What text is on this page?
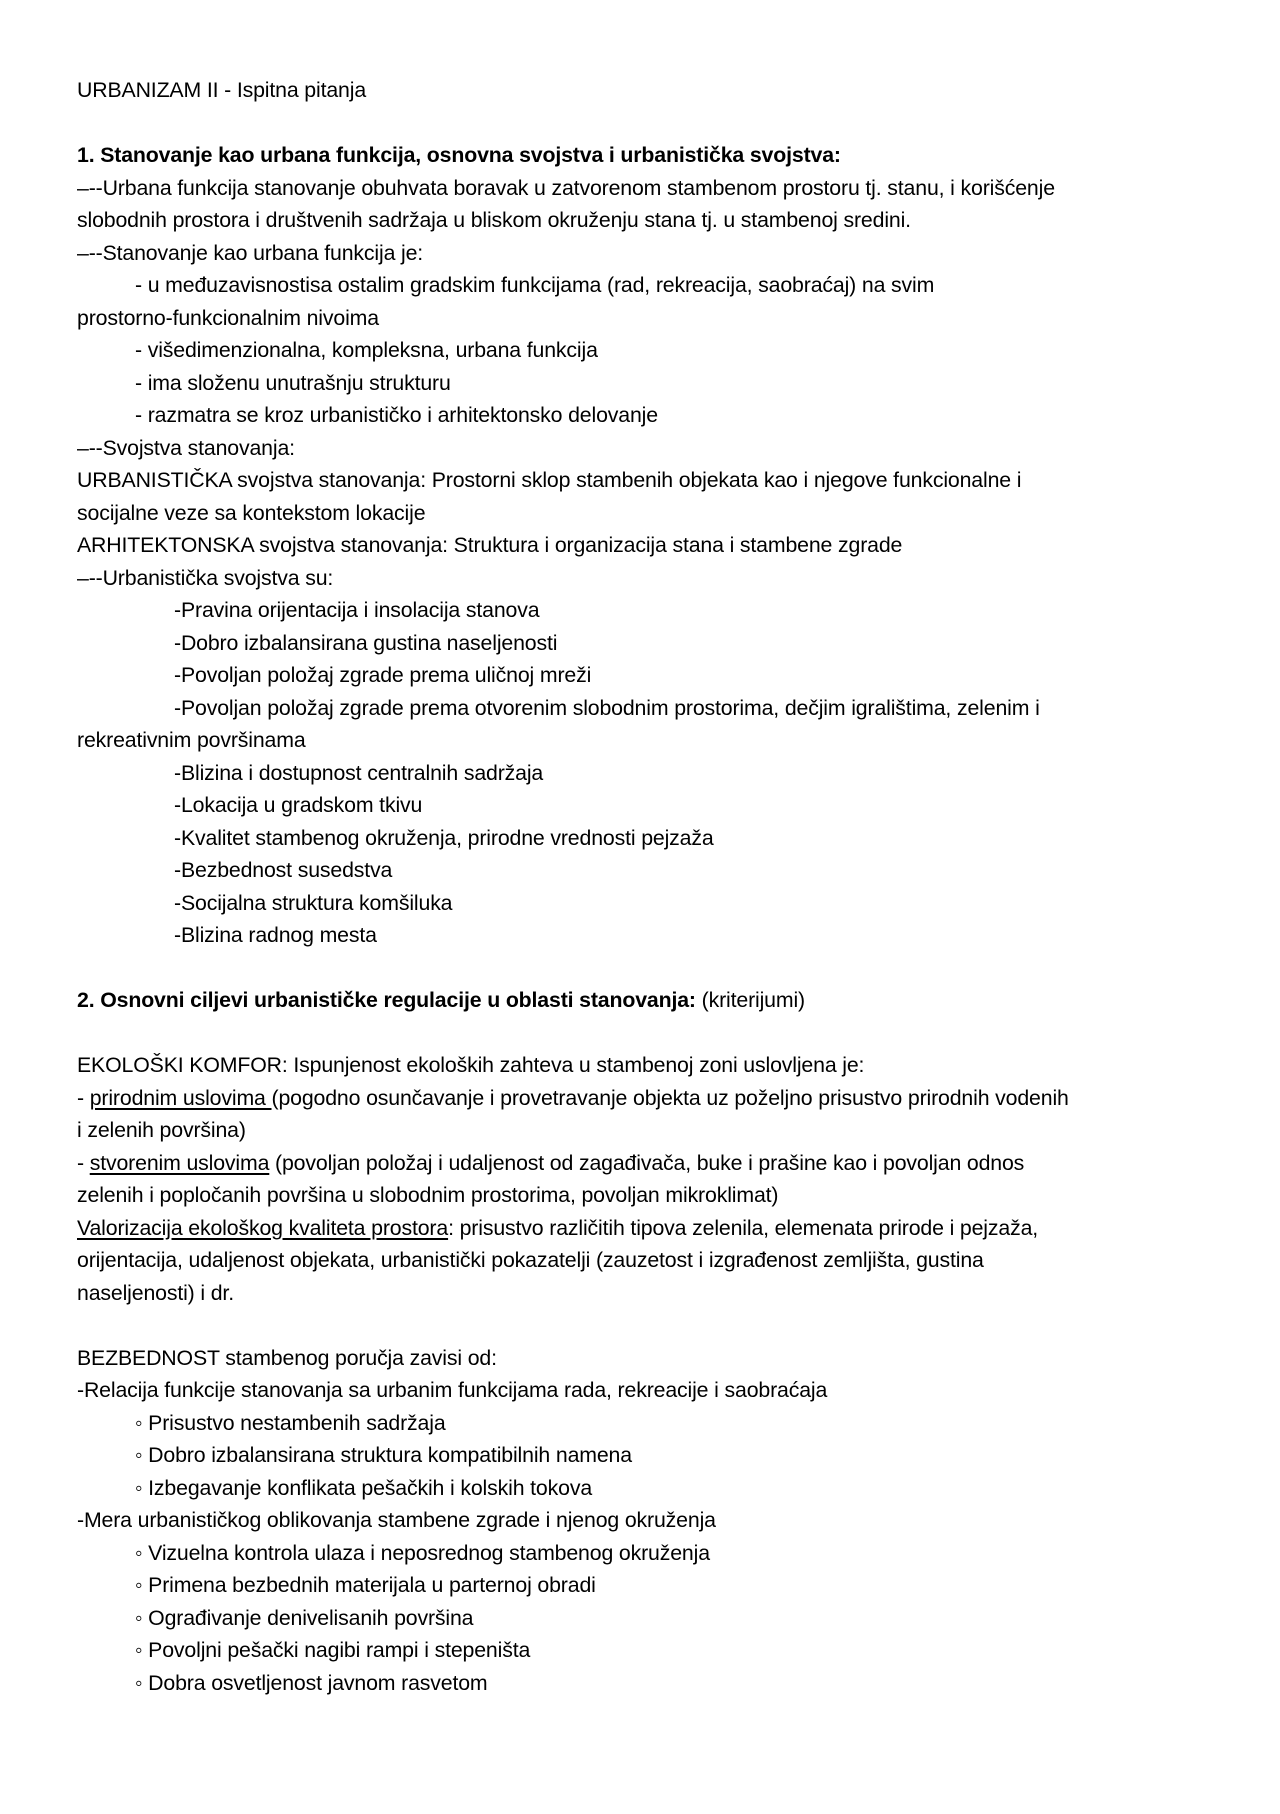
URBANIZAM II - Ispitna pitanja

1. Stanovanje kao urbana funkcija, osnovna svojstva i urbanistička svojstva:

–--Urbana funkcija stanovanje obuhvata boravak u zatvorenom stambenom prostoru tj. stanu, i korišćenje

slobodnih prostora i društvenih sadržaja u bliskom okruženju stana tj. u stambenoj sredini.

–--Stanovanje kao urbana funkcija je:

- u međuzavisnostisa ostalim gradskim funkcijama (rad, rekreacija, saobraćaj) na svim

prostorno-funkcionalnim nivoima

- višedimenzionalna, kompleksna, urbana funkcija

- ima složenu unutrašnju strukturu

- razmatra se kroz urbanističko i arhitektonsko delovanje

–--Svojstva stanovanja:

URBANISTIČKA svojstva stanovanja: Prostorni sklop stambenih objekata kao i njegove funkcionalne i

socijalne veze sa kontekstom lokacije

ARHITEKTONSKA svojstva stanovanja: Struktura i organizacija stana i stambene zgrade

–--Urbanistička svojstva su:

-Pravina orijentacija i insolacija stanova

-Dobro izbalansirana gustina naseljenosti

-Povoljan položaj zgrade prema uličnoj mreži

-Povoljan položaj zgrade prema otvorenim slobodnim prostorima, dečjim igralištima, zelenim i

rekreativnim površinama

-Blizina i dostupnost centralnih sadržaja

-Lokacija u gradskom tkivu

-Kvalitet stambenog okruženja, prirodne vrednosti pejzaža

-Bezbednost susedstva

-Socijalna struktura komšiluka

-Blizina radnog mesta

2. Osnovni ciljevi urbanističke regulacije u oblasti stanovanja: (kriterijumi)

EKOLOŠKI KOMFOR: Ispunjenost ekoloških zahteva u stambenoj zoni uslovljena je:

- prirodnim uslovima (pogodno osunčavanje i provetravanje objekta uz poželjno prisustvo prirodnih vodenih

i zelenih površina)

- stvorenim uslovima (povoljan položaj i udaljenost od zagađivača, buke i prašine kao i povoljan odnos

zelenih i popločanih površina u slobodnim prostorima, povoljan mikroklimat)

Valorizacija ekološkog kvaliteta prostora: prisustvo različitih tipova zelenila, elemenata prirode i pejzaža,

orijentacija, udaljenost objekata, urbanistički pokazatelji (zauzetost i izgrađenost zemljišta, gustina

naseljenosti) i dr.

BEZBEDNOST stambenog poručja zavisi od:

-Relacija funkcije stanovanja sa urbanim funkcijama rada, rekreacije i saobraćaja

◦ Prisustvo nestambenih sadržaja

◦ Dobro izbalansirana struktura kompatibilnih namena

◦ Izbegavanje konflikata pešačkih i kolskih tokova

-Mera urbanističkog oblikovanja stambene zgrade i njenog okruženja

◦ Vizuelna kontrola ulaza i neposrednog stambenog okruženja

◦ Primena bezbednih materijala u parternoj obradi

◦ Ograđivanje denivelisanih površina

◦ Povoljni pešački nagibi rampi i stepeništa

◦ Dobra osvetljenost javnom rasvetom
